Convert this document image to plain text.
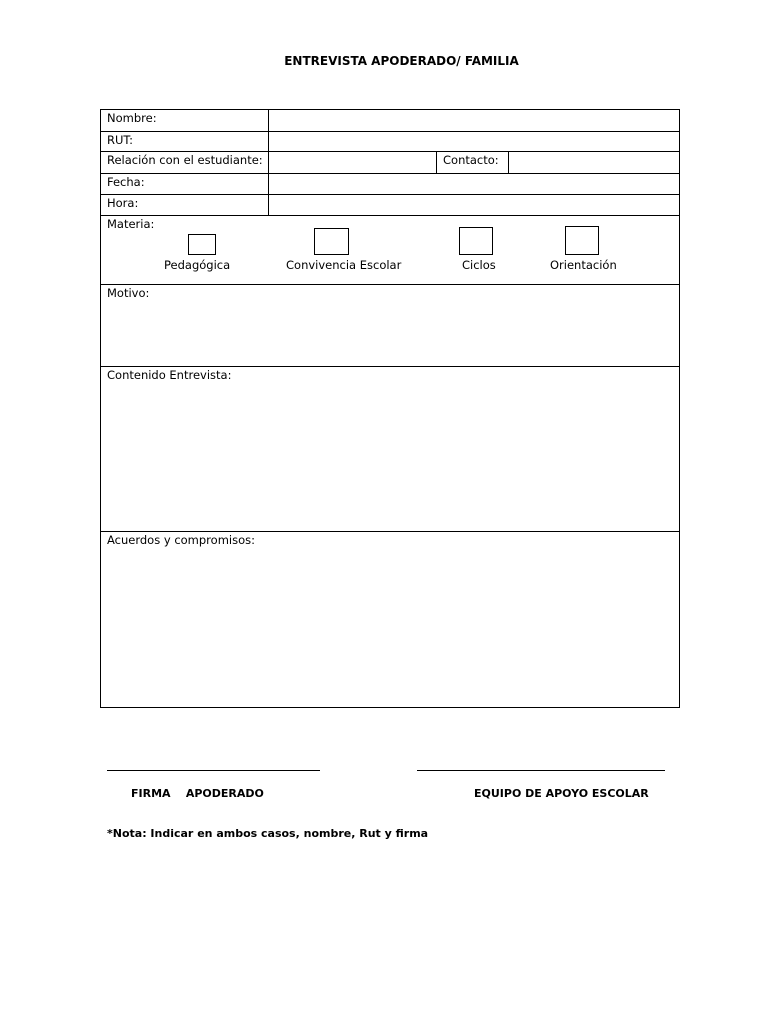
ENTREVISTA APODERADO/ FAMILIA
Nombre:
RUT:
Relación con el estudiante:	Contacto:
Fecha:
Hora:
Materia:
Pedagógica	Convivencia Escolar	Ciclos	Orientación
Motivo:
Contenido Entrevista:
Acuerdos y compromisos:
FIRMA    APODERADO	EQUIPO DE APOYO ESCOLAR
*Nota: Indicar en ambos casos, nombre, Rut y firma
